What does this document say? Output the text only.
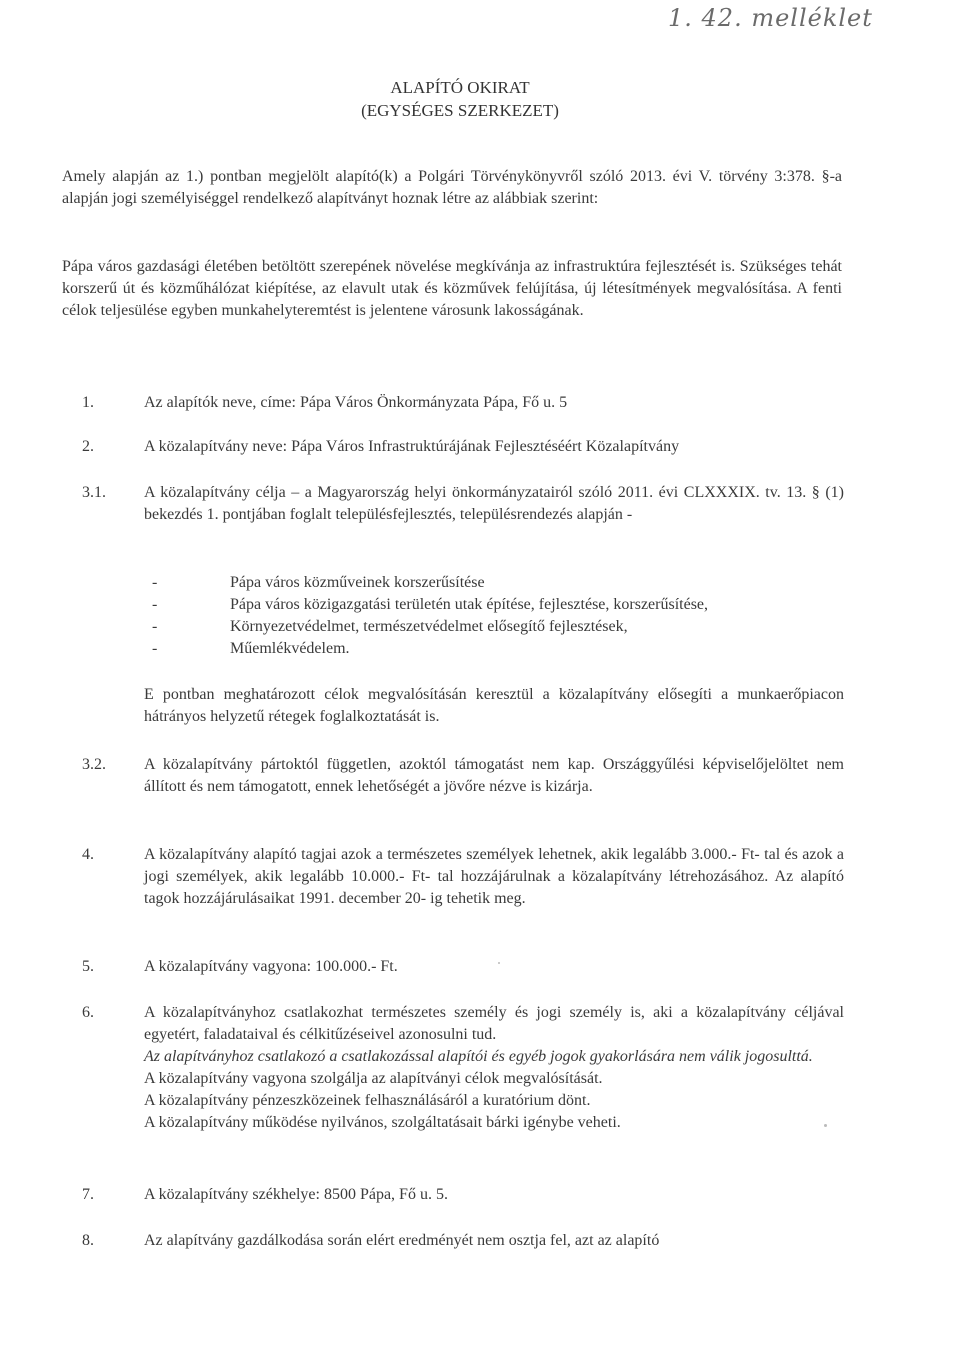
1. 42. melléklet
ALAPÍTÓ OKIRAT
(EGYSÉGES SZERKEZET)

Amely alapján az 1.) pontban megjelölt alapító(k) a Polgári Törvénykönyvről szóló 2013. évi V. törvény 3:378. §-a alapján jogi személyiséggel rendelkező alapítványt hoznak létre az alábbiak szerint:

Pápa város gazdasági életében betöltött szerepének növelése megkívánja az infrastruktúra fejlesztését is. Szükséges tehát korszerű út és közműhálózat kiépítése, az elavult utak és közművek felújítása, új létesítmények megvalósítása. A fenti célok teljesülése egyben munkahelyteremtést is jelentene városunk lakosságának.

1.	Az alapítók neve, címe: Pápa Város Önkormányzata Pápa, Fő u. 5
2.	A közalapítvány neve: Pápa Város Infrastruktúrájának Fejlesztéséért Közalapítvány
3.1. A közalapítvány célja – a Magyarország helyi önkormányzatairól szóló 2011. évi CLXXXIX. tv. 13. § (1) bekezdés 1. pontjában foglalt településfejlesztés, településrendezés alapján -
-	Pápa város közműveinek korszerűsítése
-	Pápa város közigazgatási területén utak építése, fejlesztése, korszerűsítése,
-	Környezetvédelmet, természetvédelmet elősegítő fejlesztések,
-	Műemlékvédelem.

E pontban meghatározott célok megvalósításán keresztül a közalapítvány elősegíti a munkaerőpiacon hátrányos helyzetű rétegek foglalkoztatását is.

3.2. A közalapítvány pártoktól független, azoktól támogatást nem kap. Országgyűlési képviselőjelöltet nem állított és nem támogatott, ennek lehetőségét a jövőre nézve is kizárja.
4.	A közalapítvány alapító tagjai azok a természetes személyek lehetnek, akik legalább 3.000.- Ft- tal és azok a jogi személyek, akik legalább 10.000.- Ft- tal hozzájárulnak a közalapítvány létrehozásához. Az alapító tagok hozzájárulásaikat 1991. december 20- ig tehetik meg.
5.	A közalapítvány vagyona: 100.000.- Ft.
6.	A közalapítványhoz csatlakozhat természetes személy és jogi személy is, aki a közalapítvány céljával egyetért, faladataival és célkitűzéseivel azonosulni tud.

Az alapítványhoz csatlakozó a csatlakozással alapítói és egyéb jogok gyakorlására nem válik jogosulttá.

A közalapítvány vagyona szolgálja az alapítványi célok megvalósítását.

A közalapítvány pénzeszközeinek felhasználásáról a kuratórium dönt.

A közalapítvány működése nyilvános, szolgáltatásait bárki igénybe veheti.

7.	A közalapítvány székhelye: 8500 Pápa, Fő u. 5.
8.	Az alapítvány gazdálkodása során elért eredményét nem osztja fel, azt az alapító
